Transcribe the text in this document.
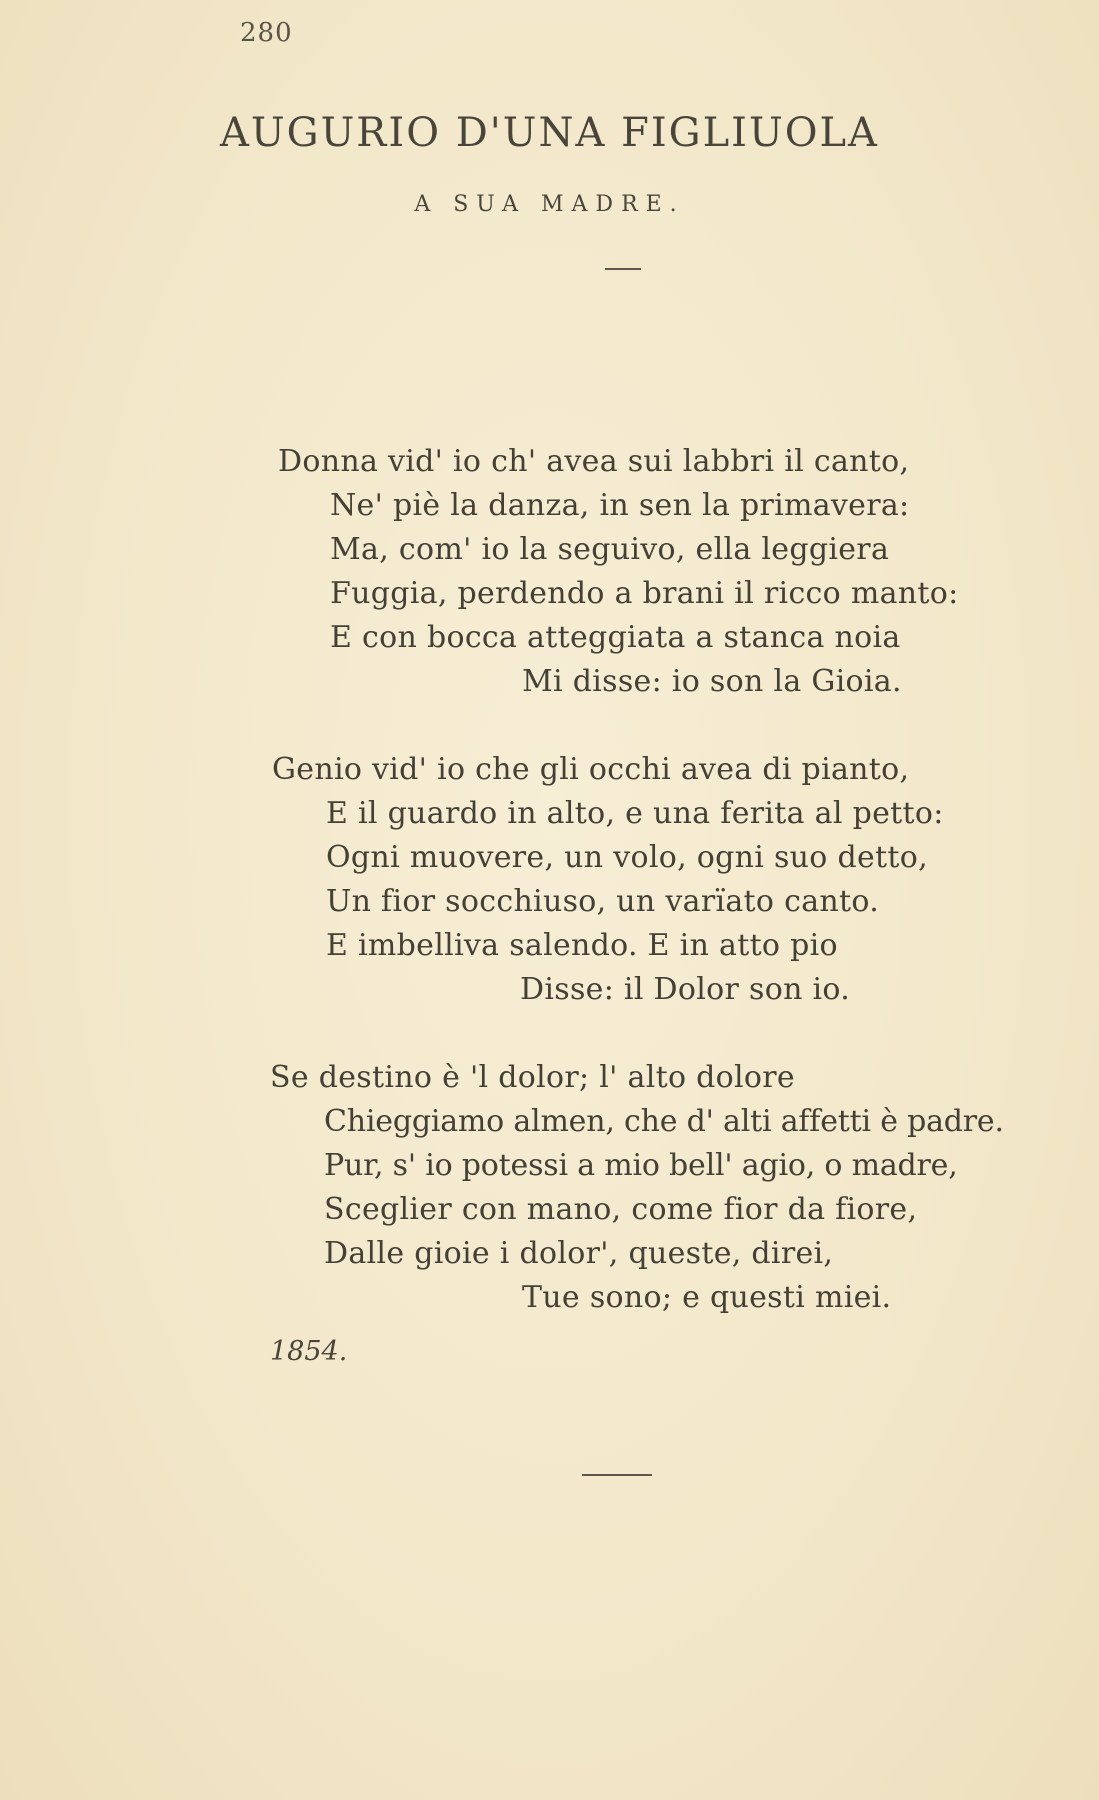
280
AUGURIO D'UNA FIGLIUOLA
A SUA MADRE.
Donna vid' io ch' avea sui labbri il canto,
Ne' piè la danza, in sen la primavera:
Ma, com' io la seguivo, ella leggiera
Fuggia, perdendo a brani il ricco manto:
E con bocca atteggiata a stanca noia
Mi disse: io son la Gioia.
Genio vid' io che gli occhi avea di pianto,
E il guardo in alto, e una ferita al petto:
Ogni muovere, un volo, ogni suo detto,
Un fior socchiuso, un varïato canto.
E imbelliva salendo. E in atto pio
Disse: il Dolor son io.
Se destino è 'l dolor; l' alto dolore
Chieggiamo almen, che d' alti affetti è padre.
Pur, s' io potessi a mio bell' agio, o madre,
Sceglier con mano, come fior da fiore,
Dalle gioie i dolor', queste, direi,
Tue sono; e questi miei.
1854.
